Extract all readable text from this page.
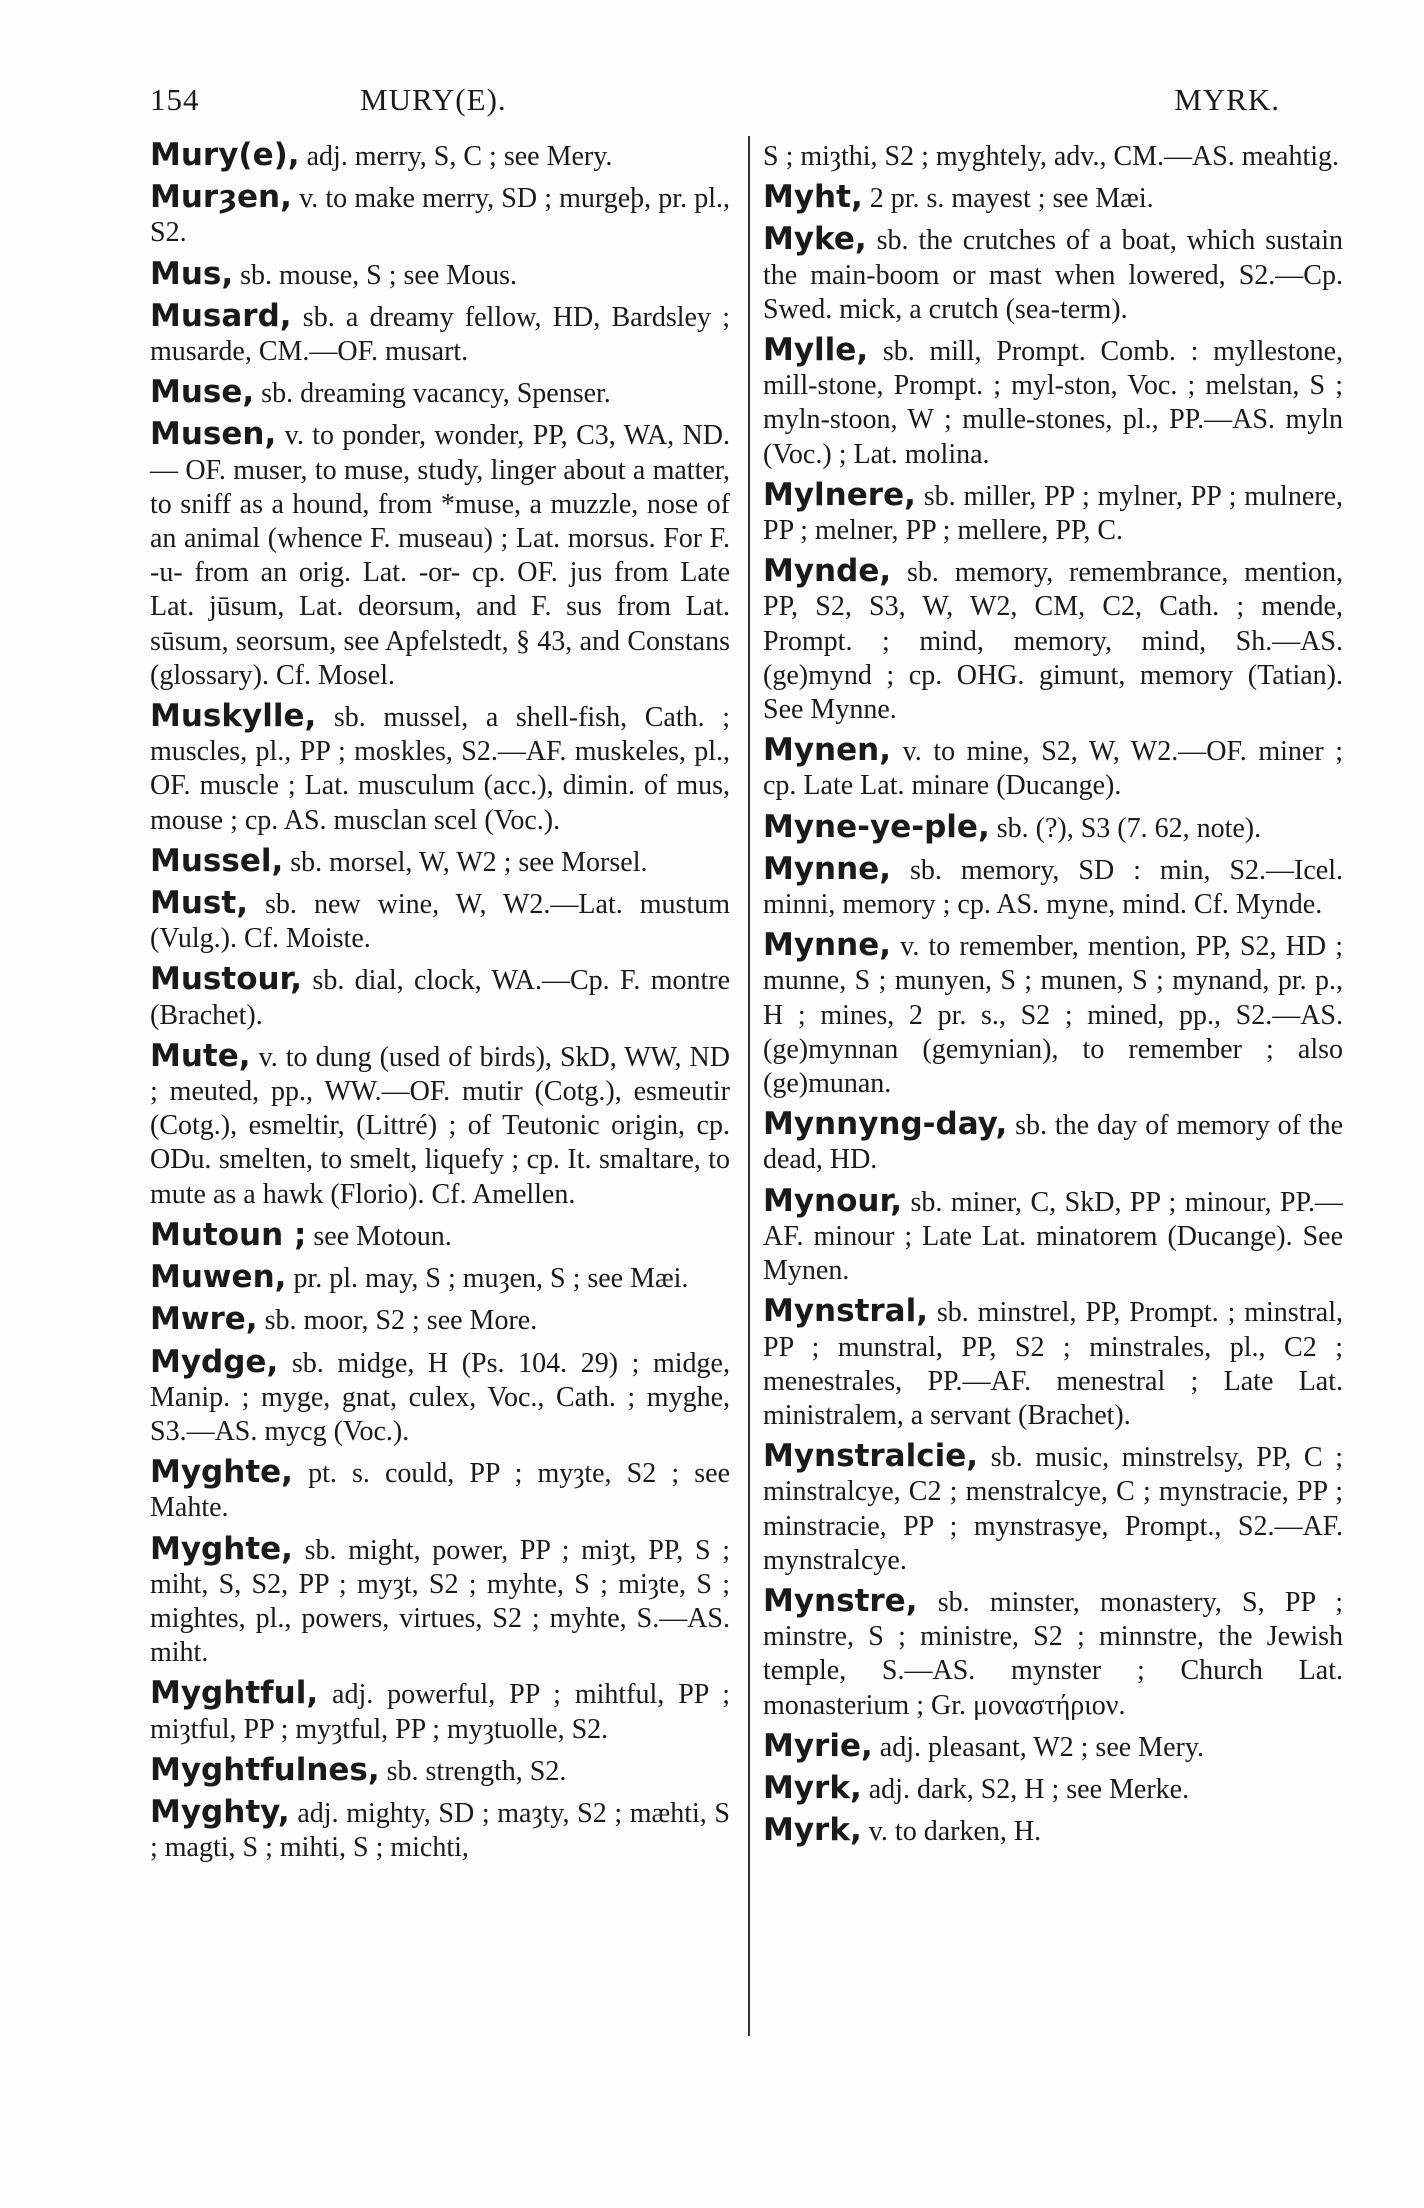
154	MURY(E).	MYRK.

Mury(e), adj. merry, S, C ; see Mery.

Murȝen, v. to make merry, SD ; murgeþ, pr. pl., S2.

Mus, sb. mouse, S ; see Mous.

Musard, sb. a dreamy fellow, HD, Bardsley ; musarde, CM.—OF. musart.

Muse, sb. dreaming vacancy, Spenser.

Musen, v. to ponder, wonder, PP, C3, WA, ND. — OF. muser, to muse, study, linger about a matter, to sniff as a hound, from *muse, a muzzle, nose of an animal (whence F. museau) ; Lat. morsus. For F. -u- from an orig. Lat. -or- cp. OF. jus from Late Lat. jūsum, Lat. deorsum, and F. sus from Lat. sūsum, seorsum, see Apfelstedt, § 43, and Constans (glossary). Cf. Mosel.

Muskylle, sb. mussel, a shell-fish, Cath. ; muscles, pl., PP ; moskles, S2.—AF. muskeles, pl., OF. muscle ; Lat. musculum (acc.), dimin. of mus, mouse ; cp. AS. musclan scel (Voc.).

Mussel, sb. morsel, W, W2 ; see Morsel.

Must, sb. new wine, W, W2.—Lat. mustum (Vulg.). Cf. Moiste.

Mustour, sb. dial, clock, WA.—Cp. F. montre (Brachet).

Mute, v. to dung (used of birds), SkD, WW, ND ; meuted, pp., WW.—OF. mutir (Cotg.), esmeutir (Cotg.), esmeltir, (Littré) ; of Teutonic origin, cp. ODu. smelten, to smelt, liquefy ; cp. It. smaltare, to mute as a hawk (Florio). Cf. Amellen.

Mutoun ; see Motoun.

Muwen, pr. pl. may, S ; muȝen, S ; see Mæi.

Mwre, sb. moor, S2 ; see More.

Mydge, sb. midge, H (Ps. 104. 29) ; midge, Manip. ; myge, gnat, culex, Voc., Cath. ; myghe, S3.—AS. mycg (Voc.).

Myghte, pt. s. could, PP ; myȝte, S2 ; see Mahte.

Myghte, sb. might, power, PP ; miȝt, PP, S ; miht, S, S2, PP ; myȝt, S2 ; myhte, S ; miȝte, S ; mightes, pl., powers, virtues, S2 ; myhte, S.—AS. miht.

Myghtful, adj. powerful, PP ; mihtful, PP ; miȝtful, PP ; myȝtful, PP ; myȝtuolle, S2.

Myghtfulnes, sb. strength, S2.

Myghty, adj. mighty, SD ; maȝty, S2 ; mæhti, S ; magti, S ; mihti, S ; michti,

S ; miȝthi, S2 ; myghtely, adv., CM.—AS. meahtig.

Myht, 2 pr. s. mayest ; see Mæi.

Myke, sb. the crutches of a boat, which sustain the main-boom or mast when lowered, S2.—Cp. Swed. mick, a crutch (sea-term).

Mylle, sb. mill, Prompt. Comb. : myllestone, mill-stone, Prompt. ; myl-ston, Voc. ; melstan, S ; myln-stoon, W ; mulle-stones, pl., PP.—AS. myln (Voc.) ; Lat. molina.

Mylnere, sb. miller, PP ; mylner, PP ; mulnere, PP ; melner, PP ; mellere, PP, C.

Mynde, sb. memory, remembrance, mention, PP, S2, S3, W, W2, CM, C2, Cath. ; mende, Prompt. ; mind, memory, mind, Sh.—AS. (ge)mynd ; cp. OHG. gimunt, memory (Tatian). See Mynne.

Mynen, v. to mine, S2, W, W2.—OF. miner ; cp. Late Lat. minare (Ducange).

Myne-ye-ple, sb. (?), S3 (7. 62, note).

Mynne, sb. memory, SD : min, S2.—Icel. minni, memory ; cp. AS. myne, mind. Cf. Mynde.

Mynne, v. to remember, mention, PP, S2, HD ; munne, S ; munyen, S ; munen, S ; mynand, pr. p., H ; mines, 2 pr. s., S2 ; mined, pp., S2.—AS. (ge)mynnan (gemynian), to remember ; also (ge)munan.

Mynnyng-day, sb. the day of memory of the dead, HD.

Mynour, sb. miner, C, SkD, PP ; minour, PP.—AF. minour ; Late Lat. minatorem (Ducange). See Mynen.

Mynstral, sb. minstrel, PP, Prompt. ; minstral, PP ; munstral, PP, S2 ; minstrales, pl., C2 ; menestrales, PP.—AF. menestral ; Late Lat. ministralem, a servant (Brachet).

Mynstralcie, sb. music, minstrelsy, PP, C ; minstralcye, C2 ; menstralcye, C ; mynstracie, PP ; minstracie, PP ; mynstrasye, Prompt., S2.—AF. mynstralcye.

Mynstre, sb. minster, monastery, S, PP ; minstre, S ; ministre, S2 ; minnstre, the Jewish temple, S.—AS. mynster ; Church Lat. monasterium ; Gr. μοναστήριον.

Myrie, adj. pleasant, W2 ; see Mery.

Myrk, adj. dark, S2, H ; see Merke.

Myrk, v. to darken, H.
